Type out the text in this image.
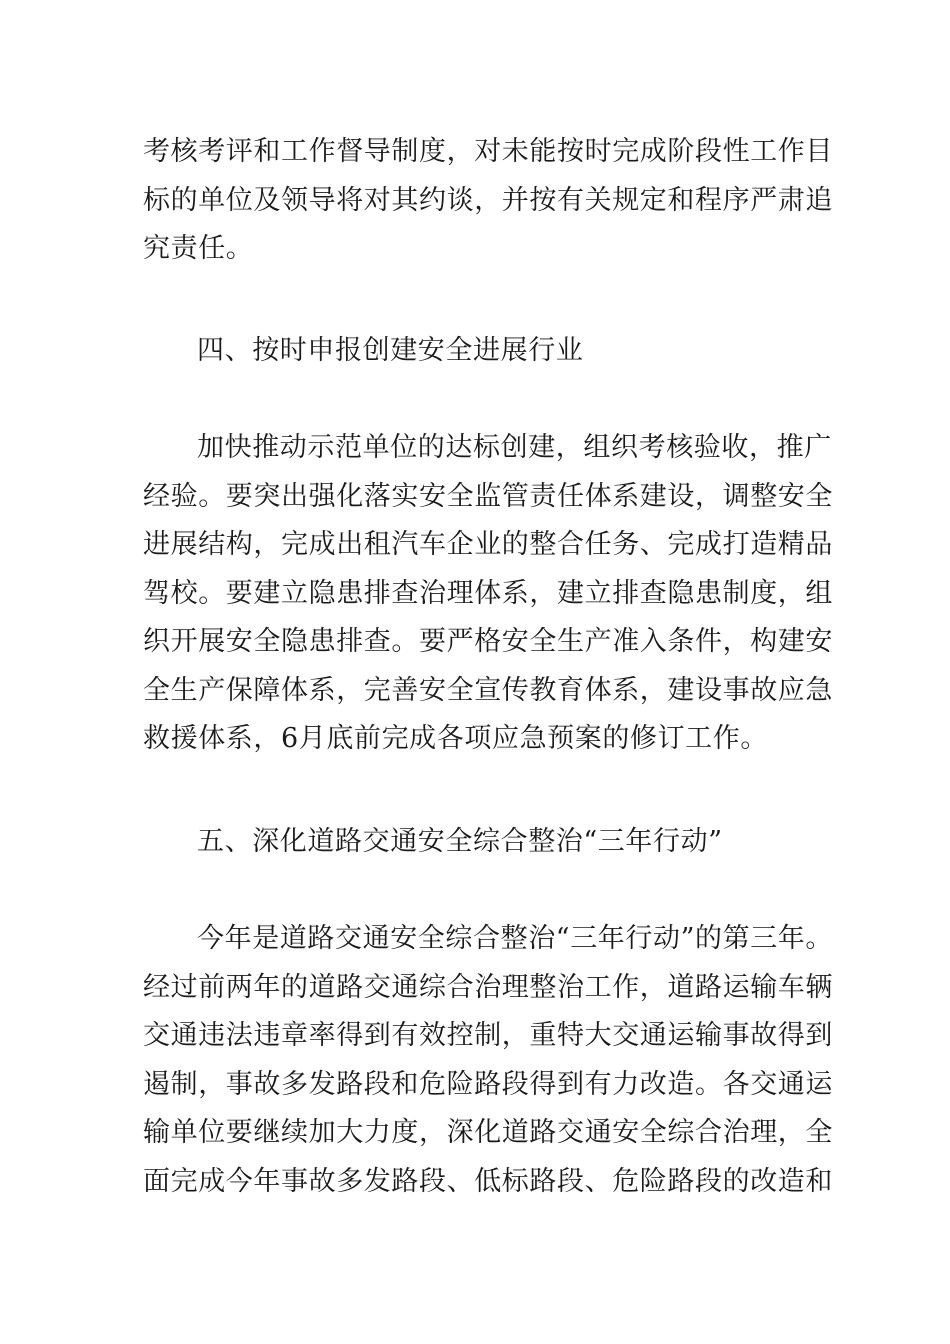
考核考评和工作督导制度，对未能按时完成阶段性工作目
标的单位及领导将对其约谈，并按有关规定和程序严肃追
究责任。
四、按时申报创建安全进展行业
加快推动示范单位的达标创建，组织考核验收，推广
经验。要突出强化落实安全监管责任体系建设，调整安全
进展结构，完成出租汽车企业的整合任务、完成打造精品
驾校。要建立隐患排查治理体系，建立排查隐患制度，组
织开展安全隐患排查。要严格安全生产准入条件，构建安
全生产保障体系，完善安全宣传教育体系，建设事故应急
救援体系，6月底前完成各项应急预案的修订工作。
五、深化道路交通安全综合整治“三年行动”
今年是道路交通安全综合整治“三年行动”的第三年。
经过前两年的道路交通综合治理整治工作，道路运输车辆
交通违法违章率得到有效控制，重特大交通运输事故得到
遏制，事故多发路段和危险路段得到有力改造。各交通运
输单位要继续加大力度，深化道路交通安全综合治理，全
面完成今年事故多发路段、低标路段、危险路段的改造和
